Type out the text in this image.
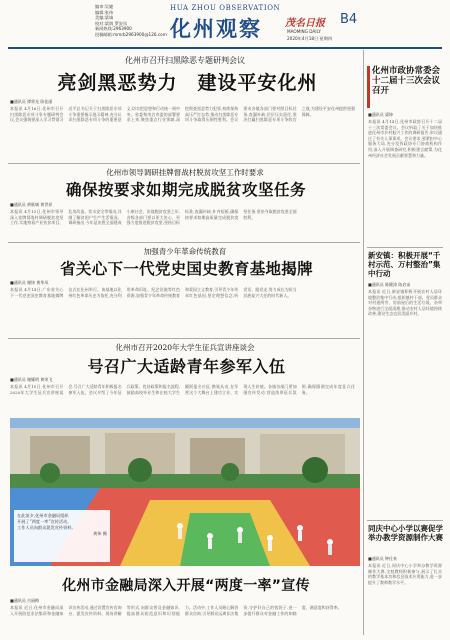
编审:吴婕
编辑:张伟
美编:梁诚
校对:梁润 罗安凤
新闻热线:2963900
投稿邮箱:mmrb2963900@126.com
HUA ZHOU OBSERVATION
化州观察 茂名日报 B4
MAOMING DAILY
2020年4月18日 星期四
化州市召开扫黑除恶专题研判会议
亮剑黑恶势力　建设平安化州
■通讯员 谭荣光 陈佳丽
本报讯 4月16日,化州市召开扫黑除恶专项斗争专题研判会议,会议强调要深入学习贯彻习近平总书记关于扫黑除恶专项斗争重要指示批示精神,充分认识扫黑除恶专项斗争的重要意义,切实把思想和行动统一到中央、省委和茂名市委的部署要求上来,聚焦重点行业领域,深挖彻查黑恶势力犯罪,持续保持高压严打态势,推动扫黑除恶专项斗争取得压倒性胜利。会议要求各镇各部门要对照目标任务,查漏补缺,层层压实责任,坚决打赢扫黑除恶专项斗争收官之战,为建设平安化州提供坚强保障。
化州市领导调研挂牌督战村脱贫攻坚工作时要求
确保按要求如期完成脱贫攻坚任务
■通讯员 黄耿城 黄世祥
本报讯 4月15日,化州市领导深入挂牌督战村调研脱贫攻坚工作,实地察看产业扶贫项目、危房改造、饮水安全等情况,详细了解贫困户生产生活情况。调研指出,今年是决胜全面建成小康社会、决战脱贫攻坚之年,各级各部门要以更大决心、更强力度推进脱贫攻坚,坚持目标标准,查漏补缺,补齐短板,确保按要求如期高质量完成脱贫攻坚任务,坚决夺取脱贫攻坚全面胜利。
加强青少年革命传统教育
省关心下一代党史国史教育基地揭牌
■通讯员 谢炜 黄华凤
本报讯 4月14日,广东省关心下一代党史国史教育基地揭牌仪式在化州举行。该基地以化州红色革命历史为依托,充分利用革命旧址、纪念设施等红色资源,加强青少年革命传统教育和爱国主义教育,引导青少年传承红色基因,坚定理想信念,听党话、跟党走,努力成长为担当民族复兴大任的时代新人。
化州市召开2020年大学生征兵宣讲座谈会
号召广大适龄青年参军入伍
■通讯员 谢耀明 黄荣飞
本报讯 4月15日,化州市召开2020年大学生征兵宣讲座谈会,号召广大适龄青年积极报名参军入伍。会议介绍了今年征兵政策、优待政策和报名流程,鼓励高校毕业生和在校大学生踊跃报名应征,携笔从戎,在军营这个大舞台上建功立业、实现人生价值。各镇各部门要加强宣传发动,营造浓厚征兵氛围,确保圆满完成年度征兵任务。
在此前夕,化州市金融局组织
开展了“两度一率”宣传活动,
工作人员向群众派发宣传资料。
黄伟 摄
化州市金融局深入开展“两度一率”宣传
■通讯员 吉丽梅
本报讯 近日,化州市金融局深入开展防范非法集资和金融知识宣传活动,通过设置宣传咨询台、派发宣传资料、现场讲解等形式,向群众普及金融知识,提高群众防范意识和识别能力。活动中,工作人员耐心解答群众咨询,引导群众远离非法集资,守护好自己的钱袋子,进一步提升群众对金融工作的知晓度、满意度和获得率。
化州市政协常委会十二届十三次会议召开
■通讯员 梁坤
本报讯 4月14日,化州市政协召开十二届十三次常委会议。会议听取了关于加快推进化州市乡村振兴工作的调研报告,审议通过了有关人事事项。会议要求,要紧扣中心服务大局,充分发挥政协专门协商机构作用,深入开展调查研究,积极建言献策,为化州经济社会发展贡献智慧和力量。
新安镇：积极开展“千村示范、万村整治”集中行动
■通讯员 陈健涛 陈启宙
本报讯 近日,新安镇积极开展农村人居环境整治集中行动,组织镇村干部、党员群众对村道两旁、房前屋后的生活垃圾、杂草杂物进行全面清理,推动农村人居环境持续改善,建设生态宜居美丽乡村。
同庆中心小学以赛促学举办教学资源制作大赛
■通讯员 钟仕来
本报讯 近日,同庆中心小学举办教学资源制作大赛,全校教师积极参与,展示了扎实的教学基本功和信息技术应用能力,进一步提升了教师教学水平。
